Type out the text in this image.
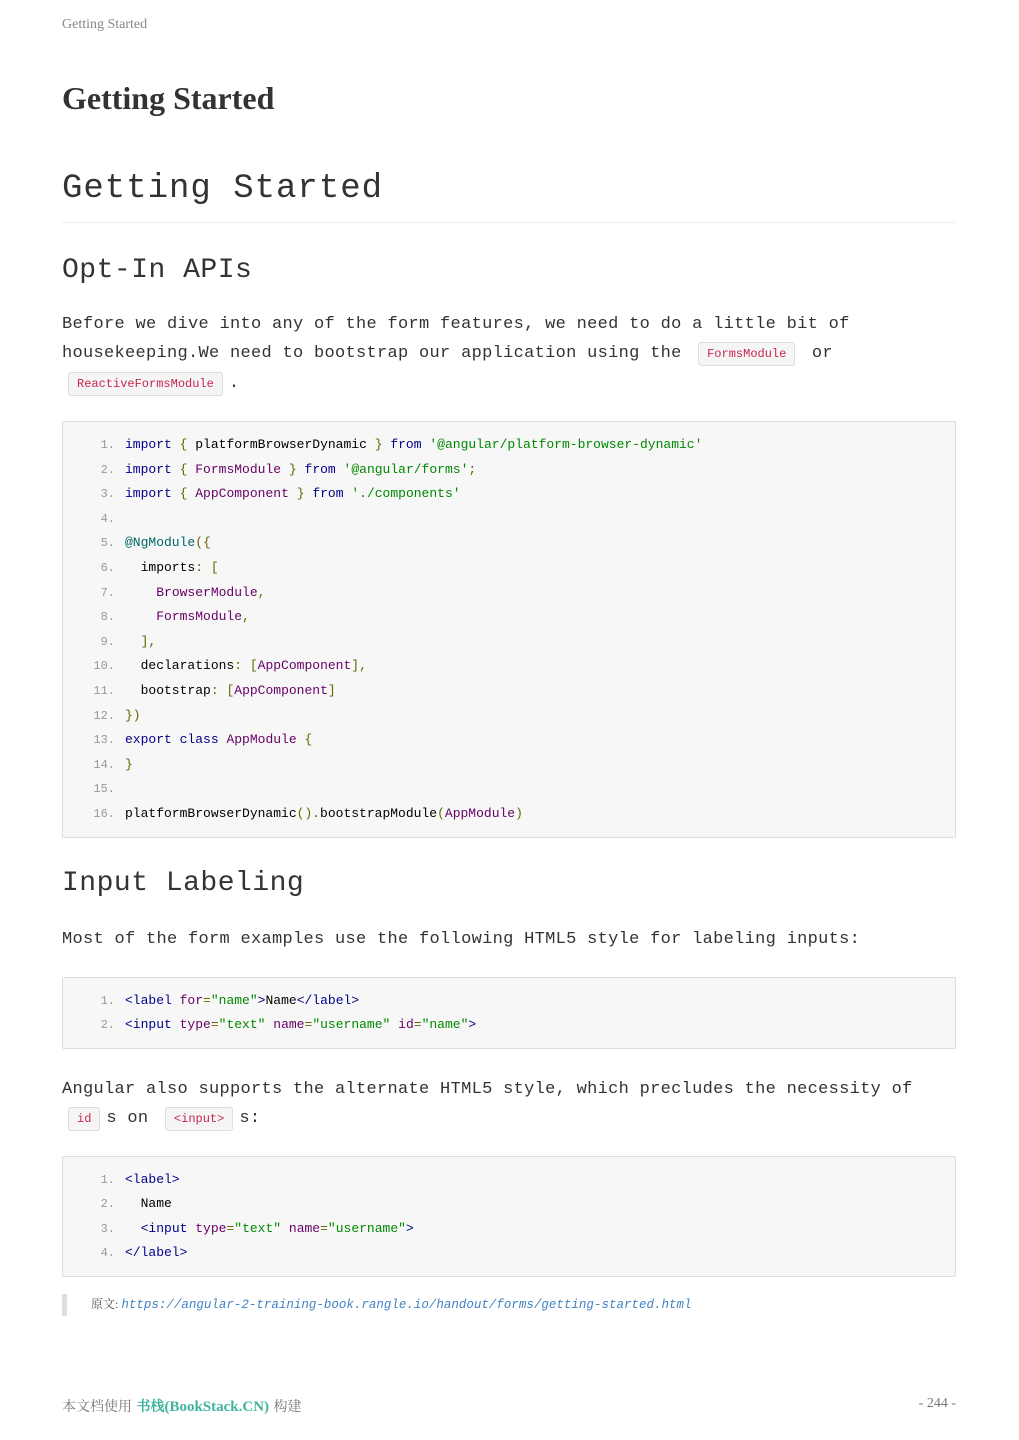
Getting Started
Getting Started
Getting Started
Opt-In APIs

Before we dive into any of the form features, we need to do a little bit of housekeeping.We need to bootstrap our application using the FormsModule or
ReactiveFormsModule .

1. import { platformBrowserDynamic } from '@angular/platform-browser-dynamic'
2. import { FormsModule } from '@angular/forms';
3. import { AppComponent } from './components'
4.
5. @NgModule({
6. imports: [
7.	BrowserModule,
8.	FormsModule,
9.	],
10. declarations: [AppComponent],
11. bootstrap: [AppComponent]
12. })
13. export class AppModule {
14. }
15.
16. platformBrowserDynamic().bootstrapModule(AppModule)
Input Labeling

Most of the form examples use the following HTML5 style for labeling inputs:

1. <label for="name">Name</label>
2. <input type="text" name="username" id="name">

Angular also supports the alternate HTML5 style, which precludes the necessity of
id s on <input> s:

1. <label>
2. Name
3.	<input type="text" name="username">
4. </label>
原文: https://angular-2-training-book.rangle.io/handout/forms/getting-started.html
本文档使用 书栈(BookStack.CN) 构建	- 244 -
